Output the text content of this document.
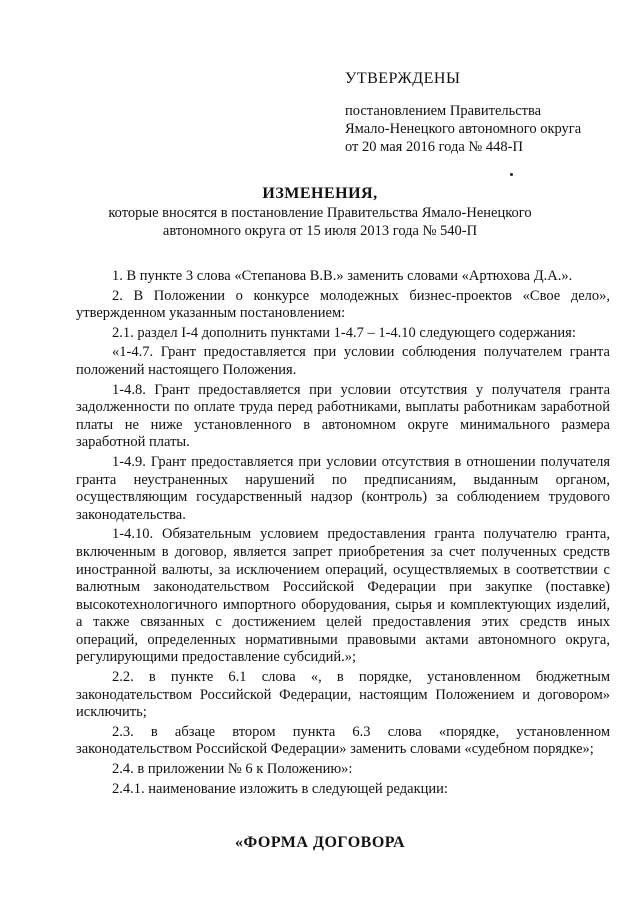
УТВЕРЖДЕНЫ
постановлением Правительства
Ямало-Ненецкого автономного округа
от 20 мая 2016 года № 448-П
ИЗМЕНЕНИЯ,
которые вносятся в постановление Правительства Ямало-Ненецкого
автономного округа от 15 июля 2013 года № 540-П

1. В пункте 3 слова «Степанова В.В.» заменить словами «Артюхова Д.А.».

2. В Положении о конкурсе молодежных бизнес-проектов «Свое дело», утвержденном указанным постановлением:

2.1. раздел I-4 дополнить пунктами 1-4.7 – 1-4.10 следующего содержания:

«1-4.7. Грант предоставляется при условии соблюдения получателем гранта положений настоящего Положения.

1-4.8. Грант предоставляется при условии отсутствия у получателя гранта задолженности по оплате труда перед работниками, выплаты работникам заработной платы не ниже установленного в автономном округе минимального размера заработной платы.

1-4.9. Грант предоставляется при условии отсутствия в отношении получателя гранта неустраненных нарушений по предписаниям, выданным органом, осуществляющим государственный надзор (контроль) за соблюдением трудового законодательства.

1-4.10. Обязательным условием предоставления гранта получателю гранта, включенным в договор, является запрет приобретения за счет полученных средств иностранной валюты, за исключением операций, осуществляемых в соответствии с валютным законодательством Российской Федерации при закупке (поставке) высокотехнологичного импортного оборудования, сырья и комплектующих изделий, а также связанных с достижением целей предоставления этих средств иных операций, определенных нормативными правовыми актами автономного округа, регулирующими предоставление субсидий.»;

2.2. в пункте 6.1 слова «, в порядке, установленном бюджетным законодательством Российской Федерации, настоящим Положением и договором» исключить;

2.3. в абзаце втором пункта 6.3 слова «порядке, установленном законодательством Российской Федерации» заменить словами «судебном порядке»;

2.4. в приложении № 6 к Положению»:

2.4.1. наименование изложить в следующей редакции:

«ФОРМА ДОГОВОРА
